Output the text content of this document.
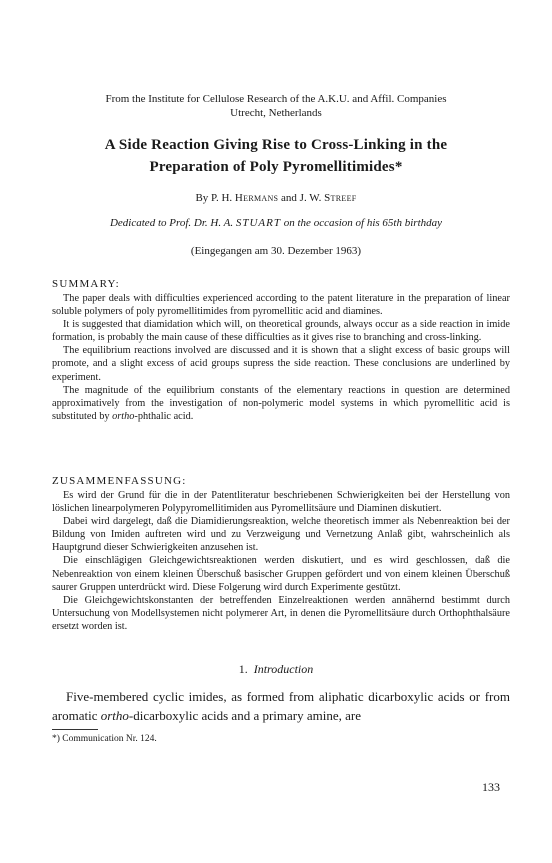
From the Institute for Cellulose Research of the A.K.U. and Affil. Companies
Utrecht, Netherlands
A Side Reaction Giving Rise to Cross-Linking in the
Preparation of Poly Pyromellitimides*
By P. H. Hermans and J. W. Streef
Dedicated to Prof. Dr. H. A. STUART on the occasion of his 65th birthday
(Eingegangen am 30. Dezember 1963)
SUMMARY:

The paper deals with difficulties experienced according to the patent literature in the preparation of linear soluble polymers of poly pyromellitimides from pyromellitic acid and diamines.

It is suggested that diamidation which will, on theoretical grounds, always occur as a side reaction in imide formation, is probably the main cause of these difficulties as it gives rise to branching and cross-linking.

The equilibrium reactions involved are discussed and it is shown that a slight excess of basic groups will promote, and a slight excess of acid groups supress the side reaction. These conclusions are underlined by experiment.

The magnitude of the equilibrium constants of the elementary reactions in question are determined approximatively from the investigation of non-polymeric model systems in which pyromellitic acid is substituted by ortho-phthalic acid.

ZUSAMMENFASSUNG:

Es wird der Grund für die in der Patentliteratur beschriebenen Schwierigkeiten bei der Herstellung von löslichen linearpolymeren Polypyromellitimiden aus Pyromellitsäure und Diaminen diskutiert.

Dabei wird dargelegt, daß die Diamidierungsreaktion, welche theoretisch immer als Nebenreaktion bei der Bildung von Imiden auftreten wird und zu Verzweigung und Vernetzung Anlaß gibt, wahrscheinlich als Hauptgrund dieser Schwierigkeiten anzusehen ist.

Die einschlägigen Gleichgewichtsreaktionen werden diskutiert, und es wird geschlossen, daß die Nebenreaktion von einem kleinen Überschuß basischer Gruppen gefördert und von einem kleinen Überschuß saurer Gruppen unterdrückt wird. Diese Folgerung wird durch Experimente gestützt.

Die Gleichgewichtskonstanten der betreffenden Einzelreaktionen werden annähernd bestimmt durch Untersuchung von Modellsystemen nicht polymerer Art, in denen die Pyromellitsäure durch Orthophthalsäure ersetzt worden ist.

1. Introduction

Five-membered cyclic imides, as formed from aliphatic dicarboxylic acids or from aromatic ortho-dicarboxylic acids and a primary amine, are

*) Communication Nr. 124.
133
